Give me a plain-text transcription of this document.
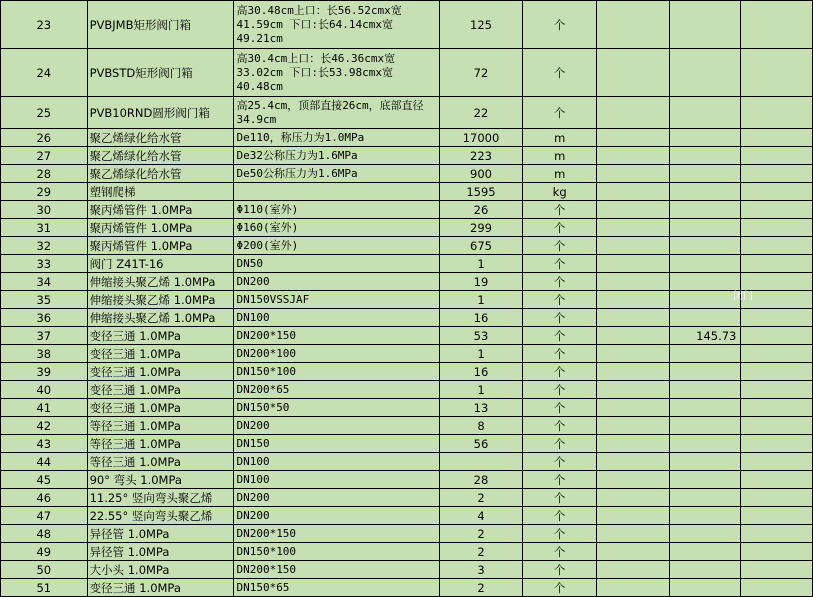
23	PVBJMB矩形阀门箱	高30.48cm上口：长56.52cmx宽41.59cm 下口:长64.14cmx宽49.21cm	125	个			
24	PVBSTD矩形阀门箱	高30.4cm上口：长46.36cmx宽33.02cm 下口:长53.98cmx宽40.48cm	72	个			
25	PVB10RND圆形阀门箱	高25.4cm，顶部直接26cm，底部直径34.9cm	22	个			
26	聚乙烯绿化给水管	De110，称压力为1.0MPa	17000	m			
27	聚乙烯绿化给水管	De32公称压力为1.6MPa	223	m			
28	聚乙烯绿化给水管	De50公称压力为1.6MPa	900	m			
29	塑钢爬梯		1595	kg			
30	聚丙烯管件 1.0MPa	Φ110(室外)	26	个			
31	聚丙烯管件 1.0MPa	Φ160(室外)	299	个			
32	聚丙烯管件 1.0MPa	Φ200(室外)	675	个			
33	阀门 Z41T-16	DN50	1	个			
34	伸缩接头聚乙烯 1.0MPa	DN200	19	个			
35	伸缩接头聚乙烯 1.0MPa	DN150VSSJAF	1	个			
36	伸缩接头聚乙烯 1.0MPa	DN100	16	个			
37	变径三通 1.0MPa	DN200*150	53	个		145.73	
38	变径三通 1.0MPa	DN200*100	1	个			
39	变径三通 1.0MPa	DN150*100	16	个			
40	变径三通 1.0MPa	DN200*65	1	个			
41	变径三通 1.0MPa	DN150*50	13	个			
42	等径三通 1.0MPa	DN200	8	个			
43	等径三通 1.0MPa	DN150	56	个			
44	等径三通 1.0MPa	DN100		个			
45	90° 弯头 1.0MPa	DN100	28	个			
46	11.25° 竖向弯头聚乙烯	DN200	2	个			
47	22.55° 竖向弯头聚乙烯	DN200	4	个			
48	异径管 1.0MPa	DN200*150	2	个			
49	异径管 1.0MPa	DN150*100	2	个			
50	大小头 1.0MPa	DN200*150	3	个			
51	变径三通 1.0MPa	DN150*65	2	个			
闭门
